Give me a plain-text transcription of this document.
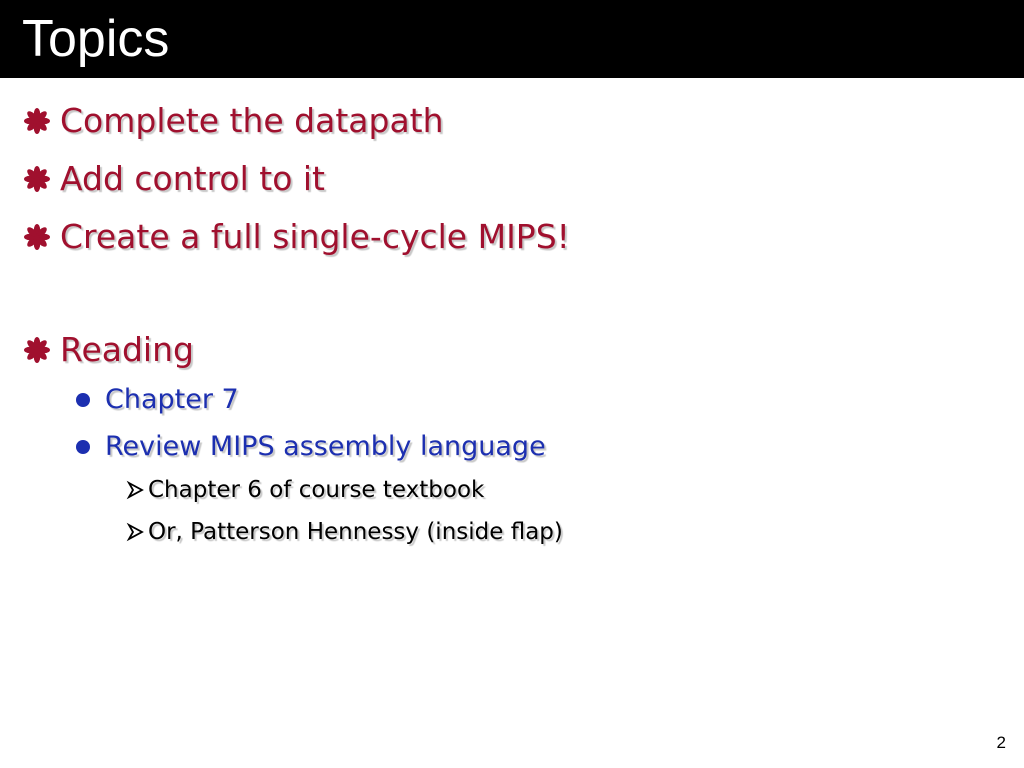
Topics
Complete the datapath
Add control to it
Create a full single-cycle MIPS!
Reading
Chapter 7
Review MIPS assembly language
Chapter 6 of course textbook
Or, Patterson Hennessy (inside flap)
2
